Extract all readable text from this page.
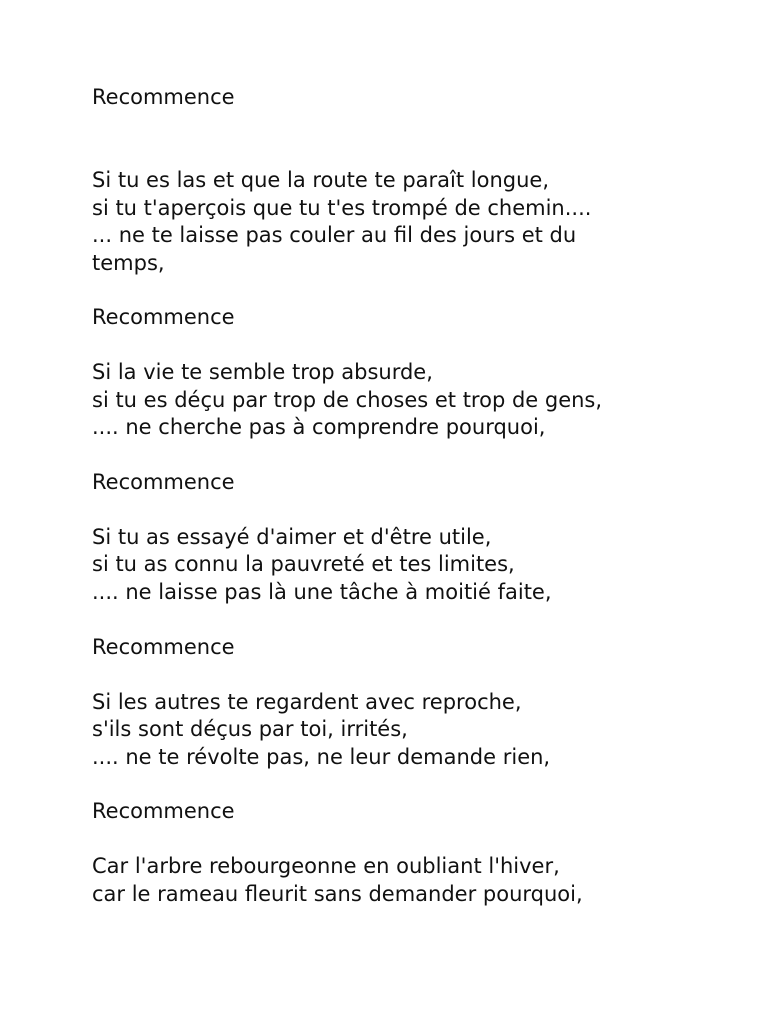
Recommence

Si tu es las et que la route te paraît longue,

si tu t'aperçois que tu t'es trompé de chemin....

... ne te laisse pas couler au fil des jours et du

temps,

Recommence

Si la vie te semble trop absurde,

si tu es déçu par trop de choses et trop de gens,

.... ne cherche pas à comprendre pourquoi,

Recommence

Si tu as essayé d'aimer et d'être utile,

si tu as connu la pauvreté et tes limites,

.... ne laisse pas là une tâche à moitié faite,

Recommence

Si les autres te regardent avec reproche,

s'ils sont déçus par toi, irrités,

.... ne te révolte pas, ne leur demande rien,

Recommence

Car l'arbre rebourgeonne en oubliant l'hiver,

car le rameau fleurit sans demander pourquoi,
